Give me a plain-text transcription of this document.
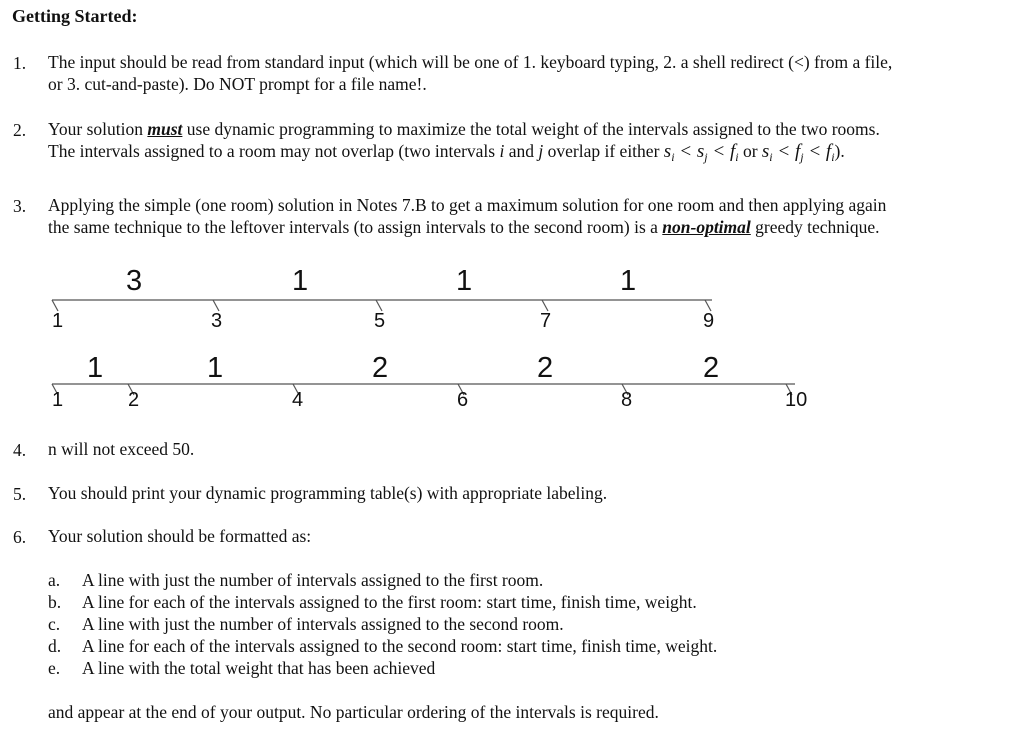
Getting Started:
1. The input should be read from standard input (which will be one of 1. keyboard typing, 2. a shell redirect (<) from a file,
or 3. cut-and-paste). Do NOT prompt for a file name!.
2. Your solution must use dynamic programming to maximize the total weight of the intervals assigned to the two rooms.
The intervals assigned to a room may not overlap (two intervals i and j overlap if either $s_i < s_j < f_i$ or $s_i < f_j < f_i$).
3. Applying the simple (one room) solution in Notes 7.B to get a maximum solution for one room and then applying again
the same technique to the leftover intervals (to assign intervals to the second room) is a non-optimal greedy technique.
3	1	1	1
1	3	5	7	9
1	1	2	2	2
1	2	4	6	8	10
4. n will not exceed 50.
5. You should print your dynamic programming table(s) with appropriate labeling.
6. Your solution should be formatted as:
a. A line with just the number of intervals assigned to the first room.
b. A line for each of the intervals assigned to the first room: start time, finish time, weight.
c. A line with just the number of intervals assigned to the second room.
d. A line for each of the intervals assigned to the second room: start time, finish time, weight.
e. A line with the total weight that has been achieved
and appear at the end of your output. No particular ordering of the intervals is required.
